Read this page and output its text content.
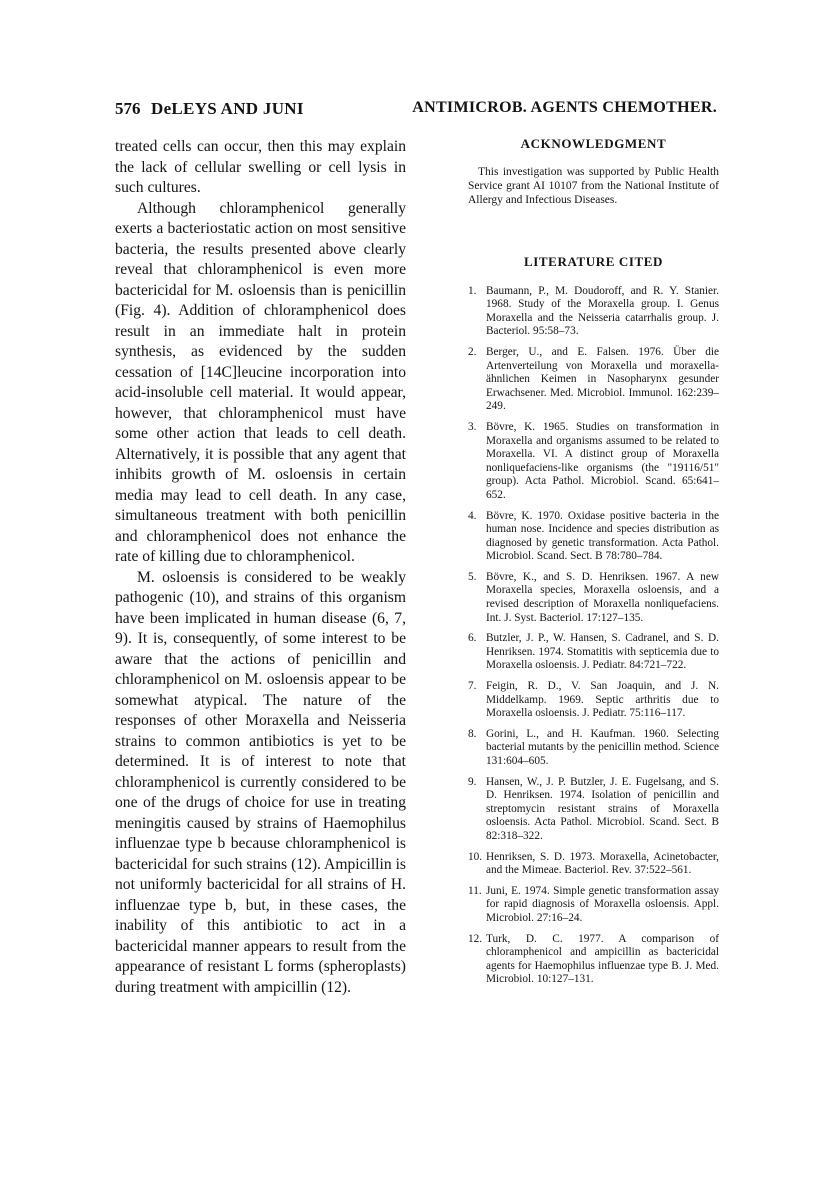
576 DeLEYS AND JUNI	ANTIMICROB. AGENTS CHEMOTHER.

treated cells can occur, then this may explain the lack of cellular swelling or cell lysis in such cultures.

Although chloramphenicol generally exerts a bacteriostatic action on most sensitive bacteria, the results presented above clearly reveal that chloramphenicol is even more bactericidal for M. osloensis than is penicillin (Fig. 4). Addition of chloramphenicol does result in an immediate halt in protein synthesis, as evidenced by the sudden cessation of [14C]leucine incorporation into acid-insoluble cell material. It would appear, however, that chloramphenicol must have some other action that leads to cell death. Alternatively, it is possible that any agent that inhibits growth of M. osloensis in certain media may lead to cell death. In any case, simultaneous treatment with both penicillin and chloramphenicol does not enhance the rate of killing due to chloramphenicol.

M. osloensis is considered to be weakly pathogenic (10), and strains of this organism have been implicated in human disease (6, 7, 9). It is, consequently, of some interest to be aware that the actions of penicillin and chloramphenicol on M. osloensis appear to be somewhat atypical. The nature of the responses of other Moraxella and Neisseria strains to common antibiotics is yet to be determined. It is of interest to note that chloramphenicol is currently considered to be one of the drugs of choice for use in treating meningitis caused by strains of Haemophilus influenzae type b because chloramphenicol is bactericidal for such strains (12). Ampicillin is not uniformly bactericidal for all strains of H. influenzae type b, but, in these cases, the inability of this antibiotic to act in a bactericidal manner appears to result from the appearance of resistant L forms (spheroplasts) during treatment with ampicillin (12).

ACKNOWLEDGMENT

This investigation was supported by Public Health Service grant AI 10107 from the National Institute of Allergy and Infectious Diseases.

LITERATURE CITED
1. Baumann, P., M. Doudoroff, and R. Y. Stanier. 1968. Study of the Moraxella group. I. Genus Moraxella and the Neisseria catarrhalis group. J. Bacteriol. 95:58–73.
2. Berger, U., and E. Falsen. 1976. Über die Artenverteilung von Moraxella und moraxella-ähnlichen Keimen in Nasopharynx gesunder Erwachsener. Med. Microbiol. Immunol. 162:239–249.
3. Bövre, K. 1965. Studies on transformation in Moraxella and organisms assumed to be related to Moraxella. VI. A distinct group of Moraxella nonliquefaciens-like organisms (the "19116/51" group). Acta Pathol. Microbiol. Scand. 65:641–652.
4. Bövre, K. 1970. Oxidase positive bacteria in the human nose. Incidence and species distribution as diagnosed by genetic transformation. Acta Pathol. Microbiol. Scand. Sect. B 78:780–784.
5. Bövre, K., and S. D. Henriksen. 1967. A new Moraxella species, Moraxella osloensis, and a revised description of Moraxella nonliquefaciens. Int. J. Syst. Bacteriol. 17:127–135.
6. Butzler, J. P., W. Hansen, S. Cadranel, and S. D. Henriksen. 1974. Stomatitis with septicemia due to Moraxella osloensis. J. Pediatr. 84:721–722.
7. Feigin, R. D., V. San Joaquin, and J. N. Middelkamp. 1969. Septic arthritis due to Moraxella osloensis. J. Pediatr. 75:116–117.
8. Gorini, L., and H. Kaufman. 1960. Selecting bacterial mutants by the penicillin method. Science 131:604–605.
9. Hansen, W., J. P. Butzler, J. E. Fugelsang, and S. D. Henriksen. 1974. Isolation of penicillin and streptomycin resistant strains of Moraxella osloensis. Acta Pathol. Microbiol. Scand. Sect. B 82:318–322.
10. Henriksen, S. D. 1973. Moraxella, Acinetobacter, and the Mimeae. Bacteriol. Rev. 37:522–561.
11. Juni, E. 1974. Simple genetic transformation assay for rapid diagnosis of Moraxella osloensis. Appl. Microbiol. 27:16–24.
12. Turk, D. C. 1977. A comparison of chloramphenicol and ampicillin as bactericidal agents for Haemophilus influenzae type B. J. Med. Microbiol. 10:127–131.
